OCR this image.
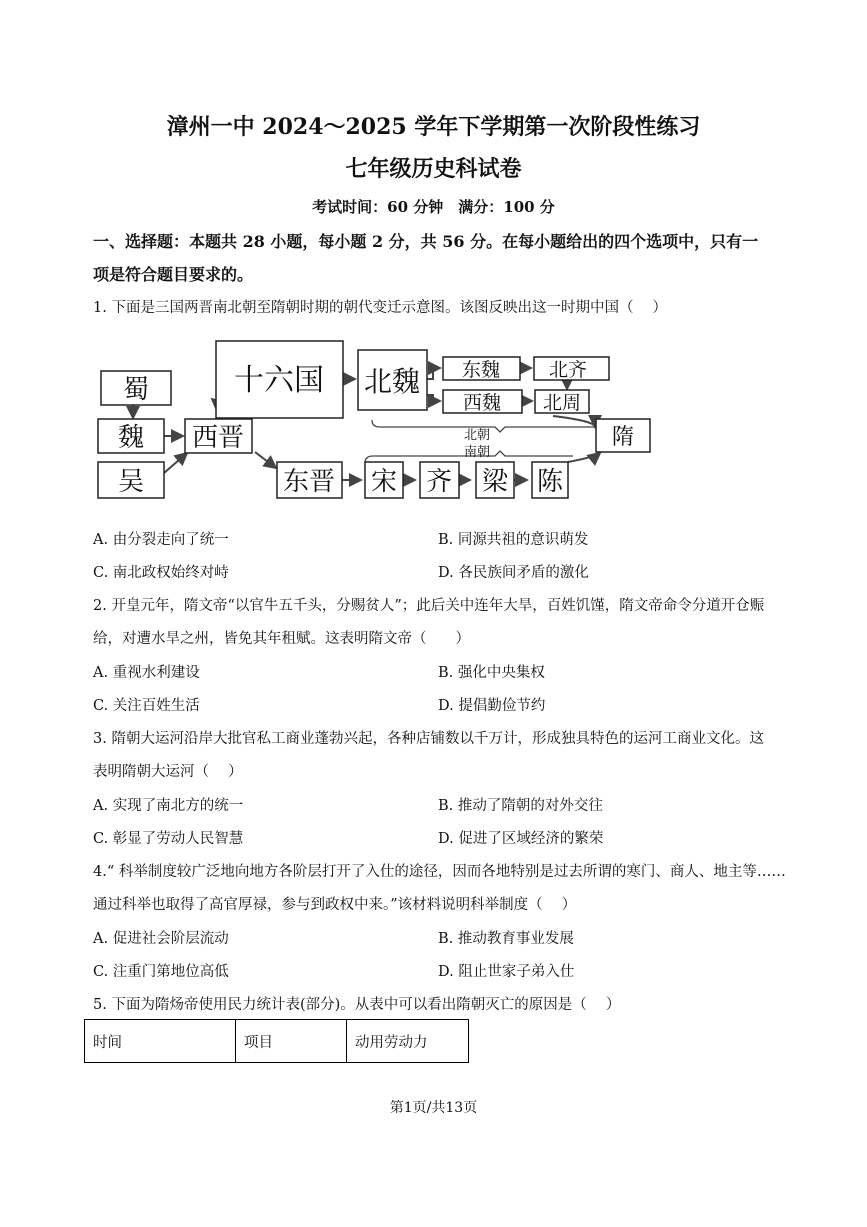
漳州一中 2024～2025 学年下学期第一次阶段性练习
七年级历史科试卷
考试时间：60 分钟　满分：100 分
一、选择题：本题共 28 小题，每小题 2 分，共 56 分。在每小题给出的四个选项中，只有一
项是符合题目要求的。
1. 下面是三国两晋南北朝至隋朝时期的朝代变迁示意图。该图反映出这一时期中国（　 ）
蜀
魏
吴
西晋
十六国 北魏 东魏
西魏
北齐
北周
隋
东晋 宋 齐 梁 陈
北朝
南朝
A. 由分裂走向了统一	B. 同源共祖的意识萌发
C. 南北政权始终对峙	D. 各民族间矛盾的激化
2. 开皇元年，隋文帝“以官牛五千头，分赐贫人”；此后关中连年大旱，百姓饥馑，隋文帝命令分道开仓赈
给，对遭水旱之州，皆免其年租赋。这表明隋文帝（　　）
A. 重视水利建设	B. 强化中央集权
C. 关注百姓生活	D. 提倡勤俭节约
3. 隋朝大运河沿岸大批官私工商业蓬勃兴起，各种店铺数以千万计，形成独具特色的运河工商业文化。这
表明隋朝大运河（　 ）
A. 实现了南北方的统一	B. 推动了隋朝的对外交往
C. 彰显了劳动人民智慧	D. 促进了区域经济的繁荣
4.“ 科举制度较广泛地向地方各阶层打开了入仕的途径，因而各地特别是过去所谓的寒门、商人、地主等……
通过科举也取得了高官厚禄，参与到政权中来。”该材料说明科举制度（　 ）
A. 促进社会阶层流动	B. 推动教育事业发展
C. 注重门第地位高低	D. 阻止世家子弟入仕
5. 下面为隋炀帝使用民力统计表(部分)。从表中可以看出隋朝灭亡的原因是（　 ）
时间	项目	动用劳动力
第1页/共13页
